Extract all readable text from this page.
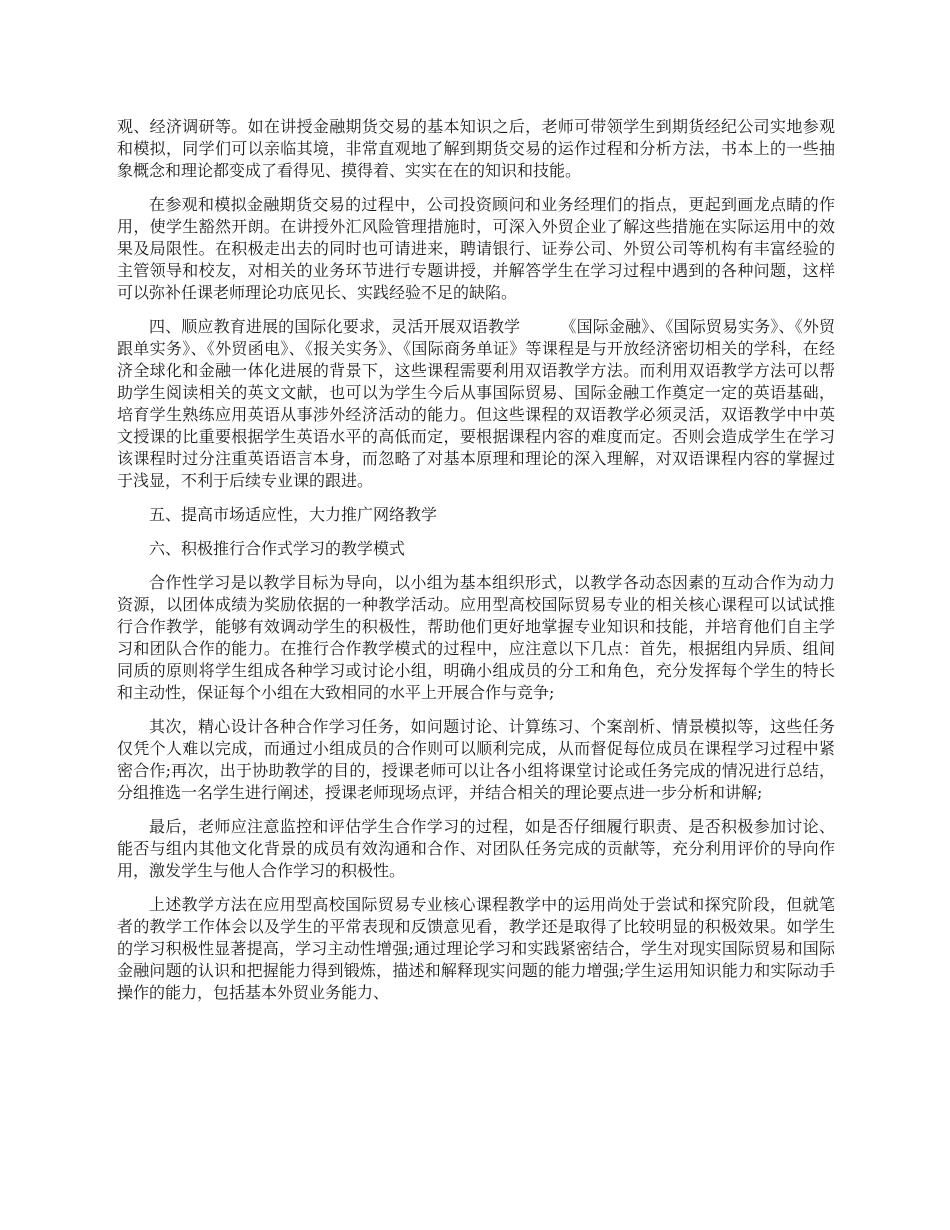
观、经济调研等。如在讲授金融期货交易的基本知识之后，老师可带领学生到期货经纪公司实地参观和模拟，同学们可以亲临其境，非常直观地了解到期货交易的运作过程和分析方法，书本上的一些抽象概念和理论都变成了看得见、摸得着、实实在在的知识和技能。

在参观和模拟金融期货交易的过程中，公司投资顾问和业务经理们的指点，更起到画龙点睛的作用，使学生豁然开朗。在讲授外汇风险管理措施时，可深入外贸企业了解这些措施在实际运用中的效果及局限性。在积极走出去的同时也可请进来，聘请银行、证券公司、外贸公司等机构有丰富经验的主管领导和校友，对相关的业务环节进行专题讲授，并解答学生在学习过程中遇到的各种问题，这样可以弥补任课老师理论功底见长、实践经验不足的缺陷。

四、顺应教育进展的国际化要求，灵活开展双语教学	《国际金融》、《国际贸易实务》、《外贸跟单实务》、《外贸函电》、《报关实务》、《国际商务单证》等课程是与开放经济密切相关的学科，在经济全球化和金融一体化进展的背景下，这些课程需要利用双语教学方法。而利用双语教学方法可以帮助学生阅读相关的英文文献，也可以为学生今后从事国际贸易、国际金融工作奠定一定的英语基础，培育学生熟练应用英语从事涉外经济活动的能力。但这些课程的双语教学必须灵活，双语教学中中英文授课的比重要根据学生英语水平的高低而定，要根据课程内容的难度而定。否则会造成学生在学习该课程时过分注重英语语言本身，而忽略了对基本原理和理论的深入理解，对双语课程内容的掌握过于浅显，不利于后续专业课的跟进。

五、提高市场适应性，大力推广网络教学

六、积极推行合作式学习的教学模式

合作性学习是以教学目标为导向，以小组为基本组织形式，以教学各动态因素的互动合作为动力资源，以团体成绩为奖励依据的一种教学活动。应用型高校国际贸易专业的相关核心课程可以试试推行合作教学，能够有效调动学生的积极性，帮助他们更好地掌握专业知识和技能，并培育他们自主学习和团队合作的能力。在推行合作教学模式的过程中，应注意以下几点：首先，根据组内异质、组间同质的原则将学生组成各种学习或讨论小组，明确小组成员的分工和角色，充分发挥每个学生的特长和主动性，保证每个小组在大致相同的水平上开展合作与竞争;

其次，精心设计各种合作学习任务，如问题讨论、计算练习、个案剖析、情景模拟等，这些任务仅凭个人难以完成，而通过小组成员的合作则可以顺利完成，从而督促每位成员在课程学习过程中紧密合作;再次，出于协助教学的目的，授课老师可以让各小组将课堂讨论或任务完成的情况进行总结，分组推选一名学生进行阐述，授课老师现场点评，并结合相关的理论要点进一步分析和讲解;

最后，老师应注意监控和评估学生合作学习的过程，如是否仔细履行职责、是否积极参加讨论、能否与组内其他文化背景的成员有效沟通和合作、对团队任务完成的贡献等，充分利用评价的导向作用，激发学生与他人合作学习的积极性。

上述教学方法在应用型高校国际贸易专业核心课程教学中的运用尚处于尝试和探究阶段，但就笔者的教学工作体会以及学生的平常表现和反馈意见看，教学还是取得了比较明显的积极效果。如学生的学习积极性显著提高，学习主动性增强;通过理论学习和实践紧密结合，学生对现实国际贸易和国际金融问题的认识和把握能力得到锻炼，描述和解释现实问题的能力增强;学生运用知识能力和实际动手操作的能力，包括基本外贸业务能力、
